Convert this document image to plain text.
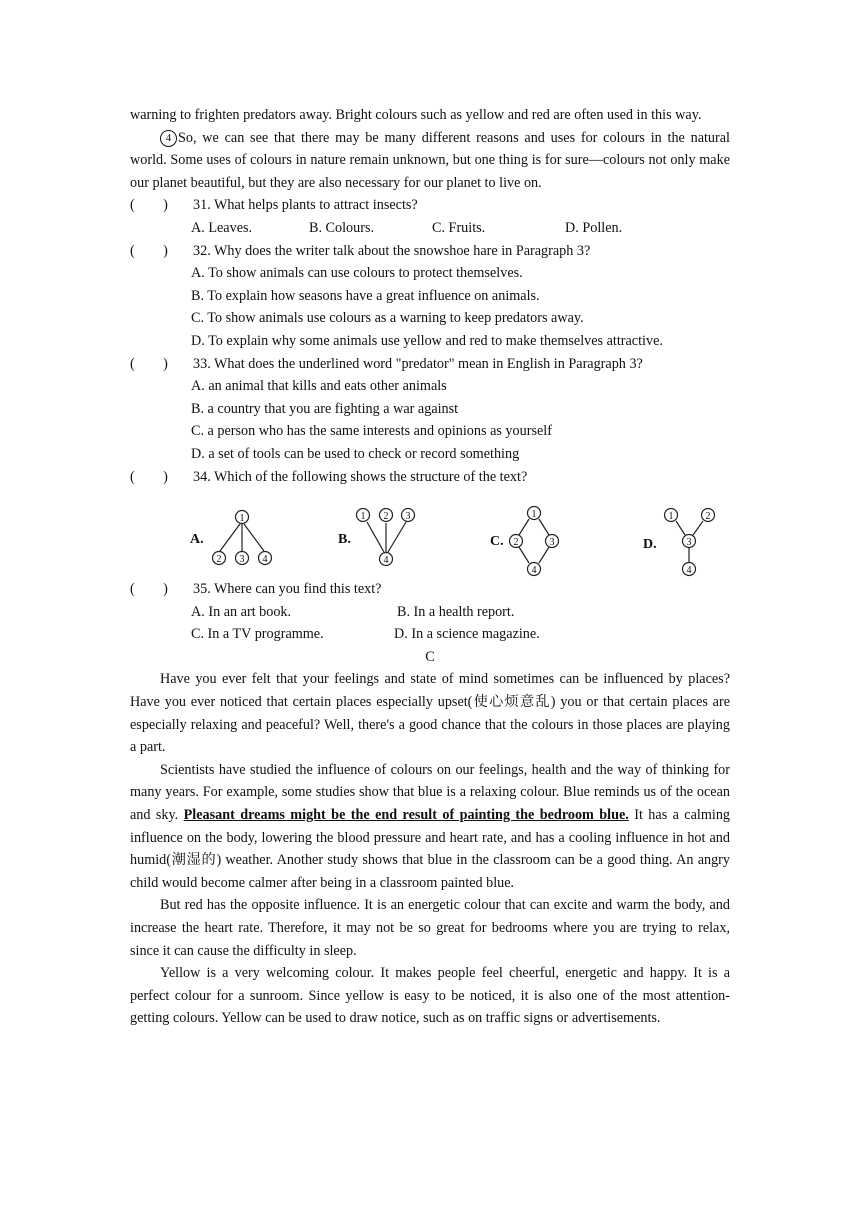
warning to frighten predators away. Bright colours such as yellow and red are often used in this way.

4 So, we can see that there may be many different reasons and uses for colours in the natural world. Some uses of colours in nature remain unknown, but one thing is for sure—colours not only make our planet beautiful, but they are also necessary for our planet to live on.

(        )	31. What helps plants to attract insects?
A. Leaves.	B. Colours.	C. Fruits.	D. Pollen.
(        )	32. Why does the writer talk about the snowshoe hare in Paragraph 3?
A. To show animals can use colours to protect themselves.
B. To explain how seasons have a great influence on animals.
C. To show animals use colours as a warning to keep predators away.
D. To explain why some animals use yellow and red to make themselves attractive.
(        )	33. What does the underlined word "predator" mean in English in Paragraph 3?
A. an animal that kills and eats other animals
B. a country that you are fighting a war against
C. a person who has the same interests and opinions as yourself
D. a set of tools can be used to check or record something
(        )	34. Which of the following shows the structure of the text?
A.
1
2 3 4
B.
1 2 3
4
C.
1
2	3
4
D.
1	2
3
4
(        )	35. Where can you find this text?
A. In an art book.	B. In a health report.
C. In a TV programme.	D. In a science magazine.
C

Have you ever felt that your feelings and state of mind sometimes can be influenced by places? Have you ever noticed that certain places especially upset(使心烦意乱) you or that certain places are especially relaxing and peaceful? Well, there's a good chance that the colours in those places are playing a part.

Scientists have studied the influence of colours on our feelings, health and the way of thinking for many years. For example, some studies show that blue is a relaxing colour. Blue reminds us of the ocean and sky. Pleasant dreams might be the end result of painting the bedroom blue. It has a calming influence on the body, lowering the blood pressure and heart rate, and has a cooling influence in hot and humid(潮湿的) weather. Another study shows that blue in the classroom can be a good thing. An angry child would become calmer after being in a classroom painted blue.

But red has the opposite influence. It is an energetic colour that can excite and warm the body, and increase the heart rate. Therefore, it may not be so great for bedrooms where you are trying to relax, since it can cause the difficulty in sleep.

Yellow is a very welcoming colour. It makes people feel cheerful, energetic and happy. It is a perfect colour for a sunroom. Since yellow is easy to be noticed, it is also one of the most attention-getting colours. Yellow can be used to draw notice, such as on traffic signs or advertisements.
